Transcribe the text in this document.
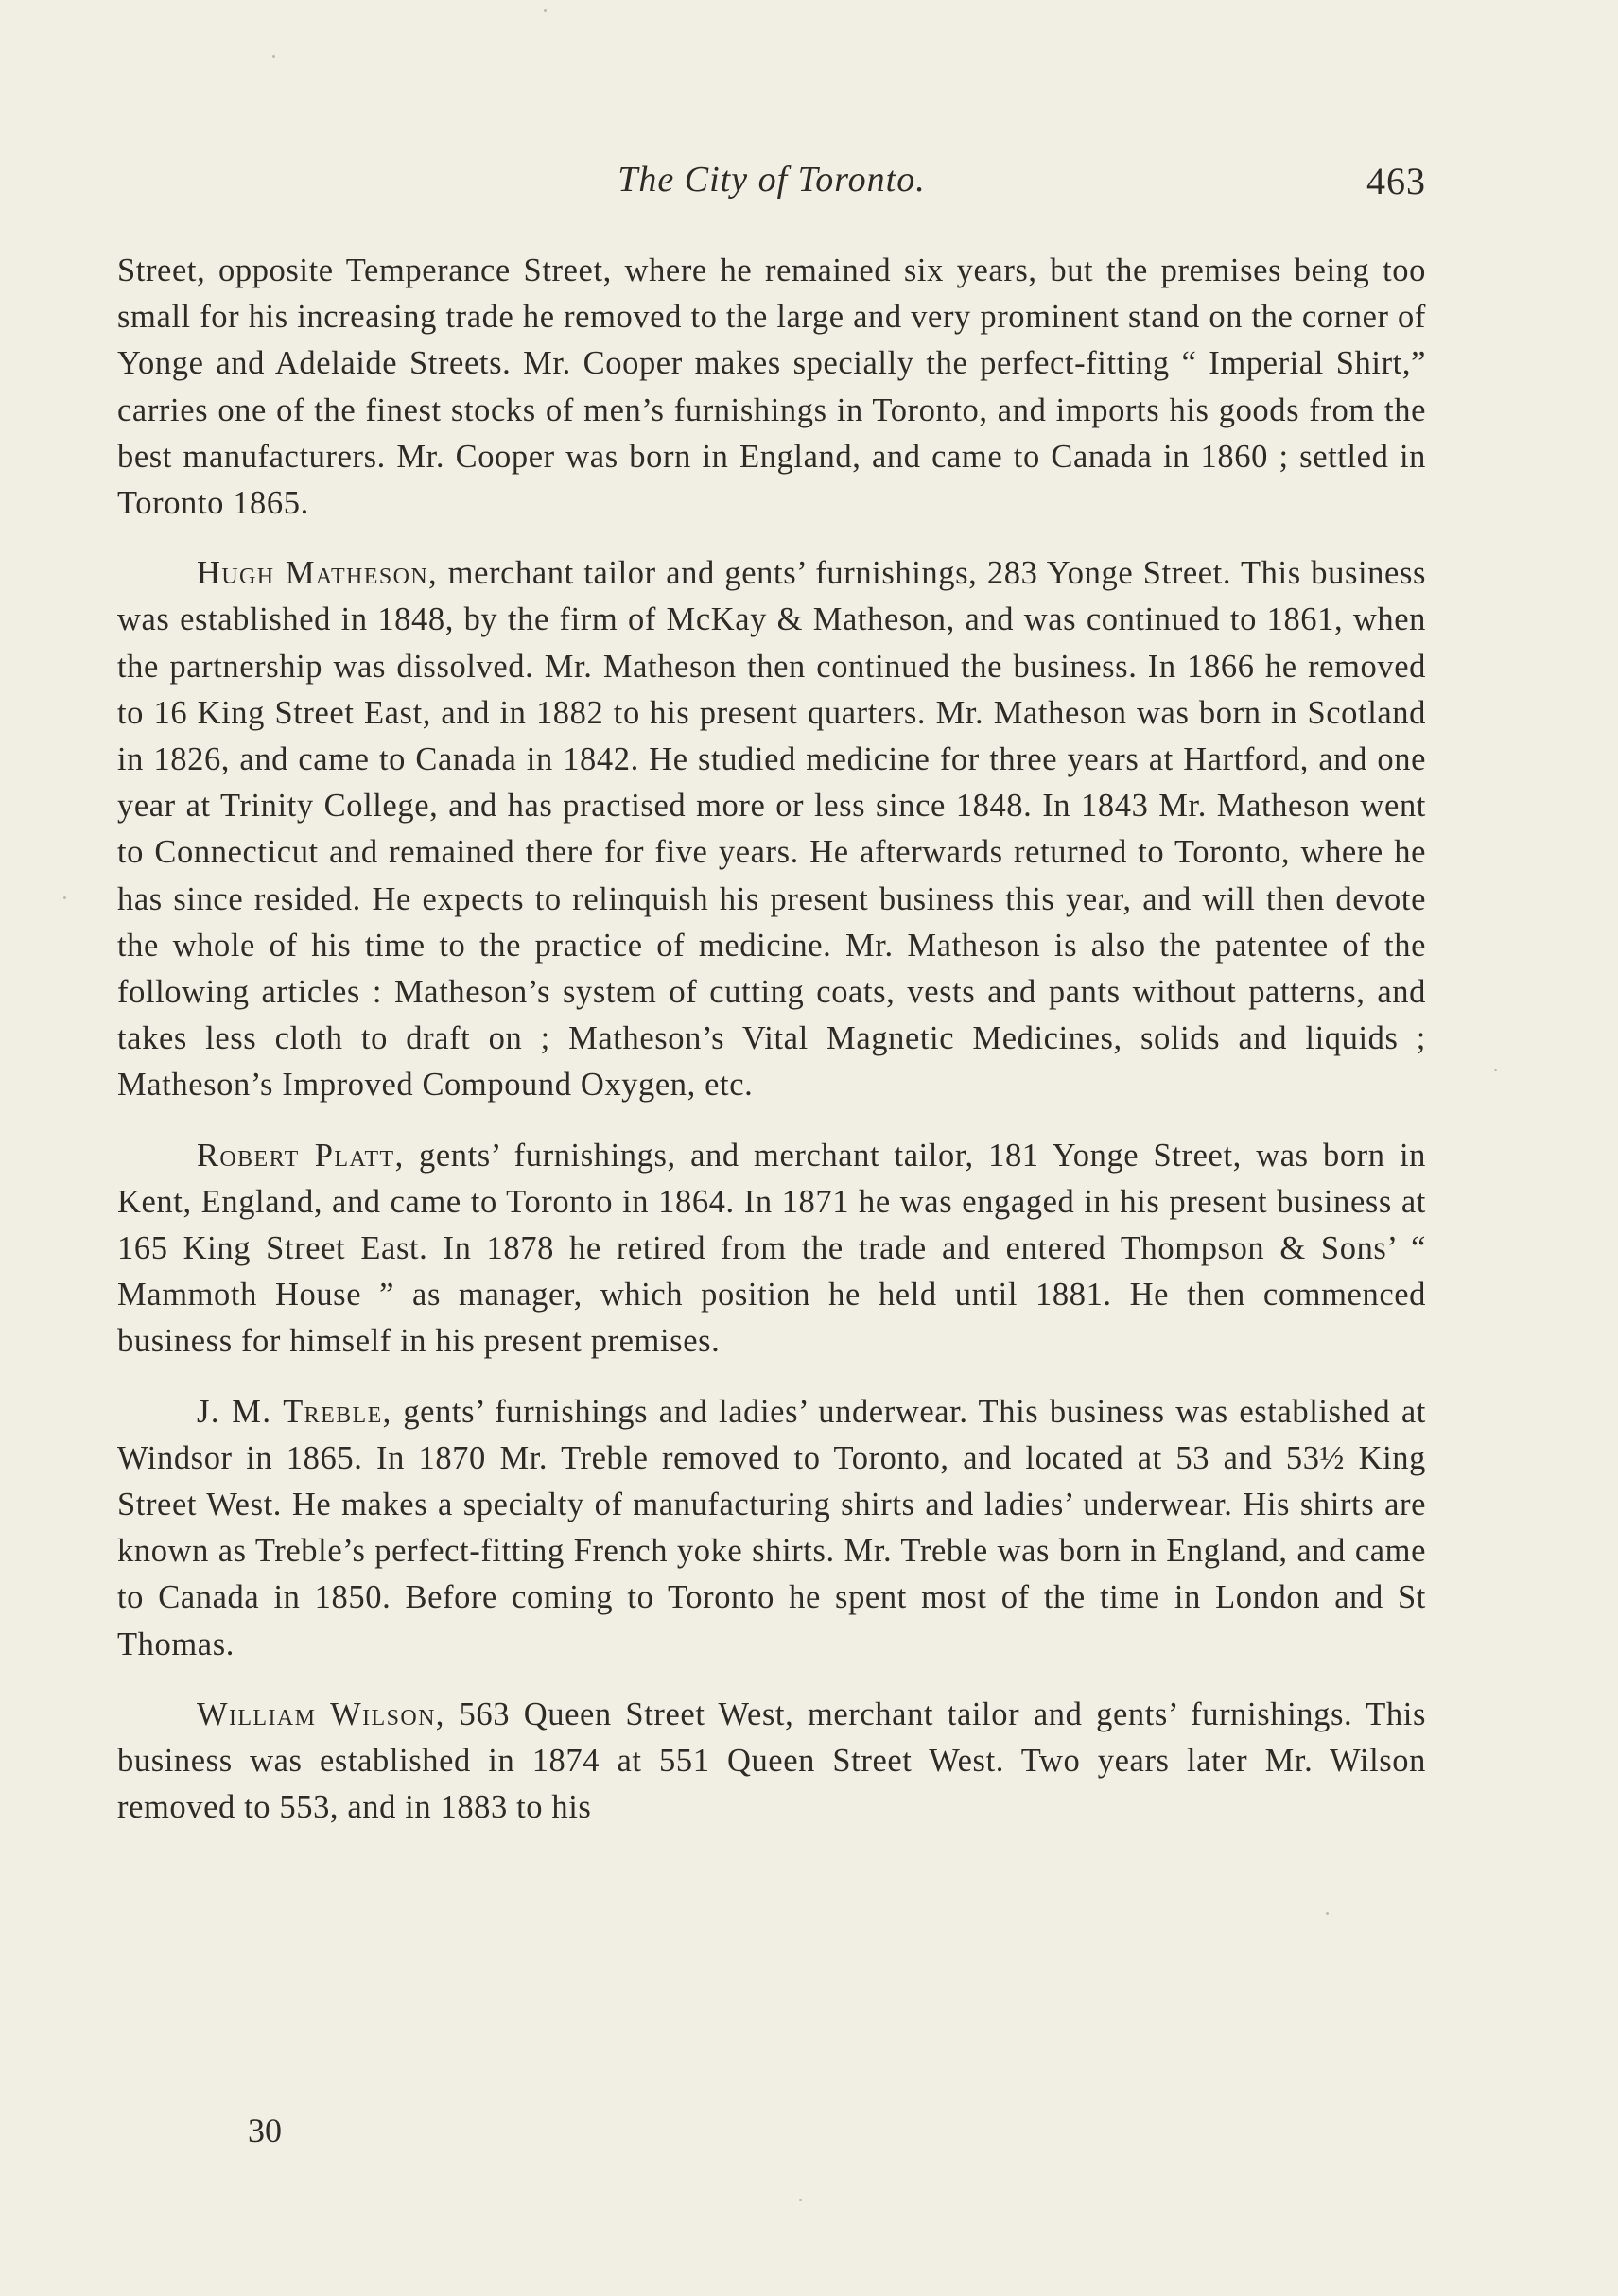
The City of Toronto.	463

Street, opposite Temperance Street, where he remained six years, but the premises being too small for his increasing trade he removed to the large and very prominent stand on the corner of Yonge and Adelaide Streets. Mr. Cooper makes specially the perfect-fitting “ Imperial Shirt,” carries one of the finest stocks of men’s furnishings in Toronto, and imports his goods from the best manufacturers. Mr. Cooper was born in England, and came to Canada in 1860 ; settled in Toronto 1865.

Hugh Matheson, merchant tailor and gents’ furnishings, 283 Yonge Street. This business was established in 1848, by the firm of McKay & Matheson, and was continued to 1861, when the partnership was dissolved. Mr. Matheson then continued the business. In 1866 he removed to 16 King Street East, and in 1882 to his present quarters. Mr. Matheson was born in Scotland in 1826, and came to Canada in 1842. He studied medicine for three years at Hartford, and one year at Trinity College, and has practised more or less since 1848. In 1843 Mr. Matheson went to Connecticut and remained there for five years. He afterwards returned to Toronto, where he has since resided. He expects to relinquish his present business this year, and will then devote the whole of his time to the practice of medicine. Mr. Matheson is also the patentee of the following articles : Matheson’s system of cutting coats, vests and pants without patterns, and takes less cloth to draft on ; Matheson’s Vital Magnetic Medicines, solids and liquids ; Matheson’s Improved Compound Oxygen, etc.

Robert Platt, gents’ furnishings, and merchant tailor, 181 Yonge Street, was born in Kent, England, and came to Toronto in 1864. In 1871 he was engaged in his present business at 165 King Street East. In 1878 he retired from the trade and entered Thompson & Sons’ “ Mammoth House ” as manager, which position he held until 1881. He then commenced business for himself in his present premises.

J. M. Treble, gents’ furnishings and ladies’ underwear. This business was established at Windsor in 1865. In 1870 Mr. Treble removed to Toronto, and located at 53 and 53½ King Street West. He makes a specialty of manufacturing shirts and ladies’ underwear. His shirts are known as Treble’s perfect-fitting French yoke shirts. Mr. Treble was born in England, and came to Canada in 1850. Before coming to Toronto he spent most of the time in London and St Thomas.

William Wilson, 563 Queen Street West, merchant tailor and gents’ furnishings. This business was established in 1874 at 551 Queen Street West. Two years later Mr. Wilson removed to 553, and in 1883 to his

30
